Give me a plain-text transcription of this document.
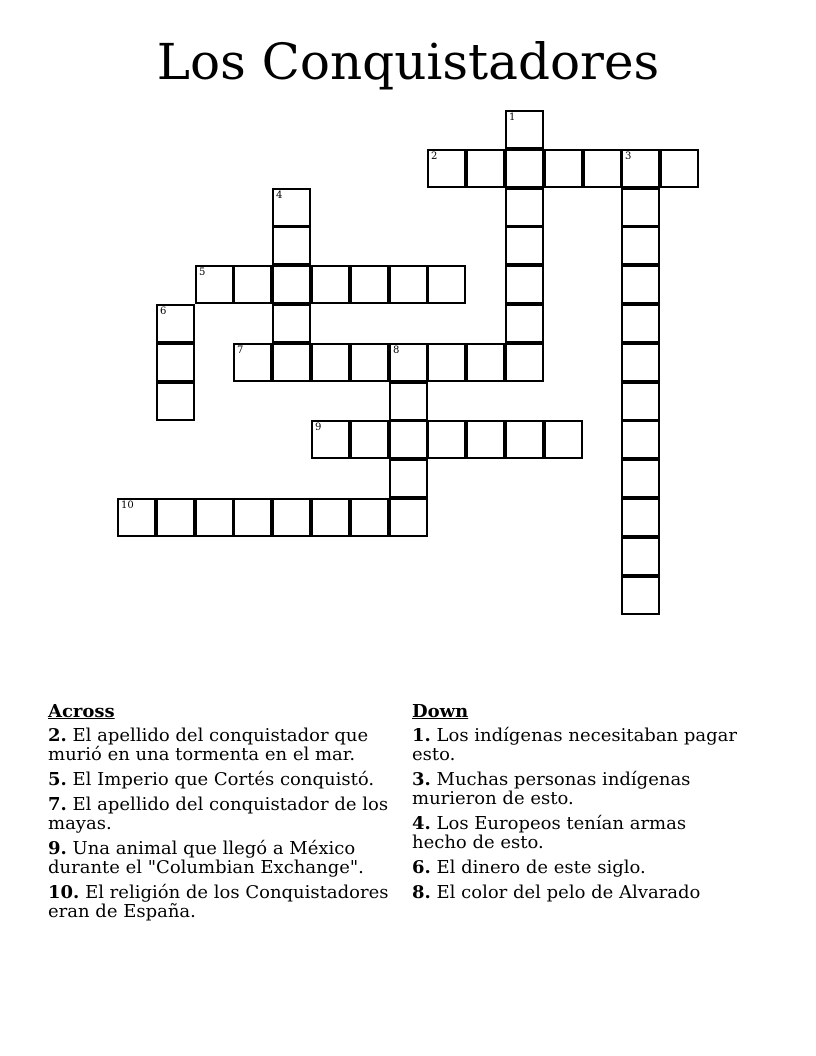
Los Conquistadores
2	3
5
7	8
9
10
1
4
6
Across
2. El apellido del conquistador que murió en una tormenta en el mar.
5. El Imperio que Cortés conquistó.
7. El apellido del conquistador de los mayas.
9. Una animal que llegó a México durante el "Columbian Exchange".
10. El religión de los Conquistadores eran de España.
Down
1. Los indígenas necesitaban pagar esto.
3. Muchas personas indígenas murieron de esto.
4. Los Europeos tenían armas hecho de esto.
6. El dinero de este siglo.
8. El color del pelo de Alvarado
